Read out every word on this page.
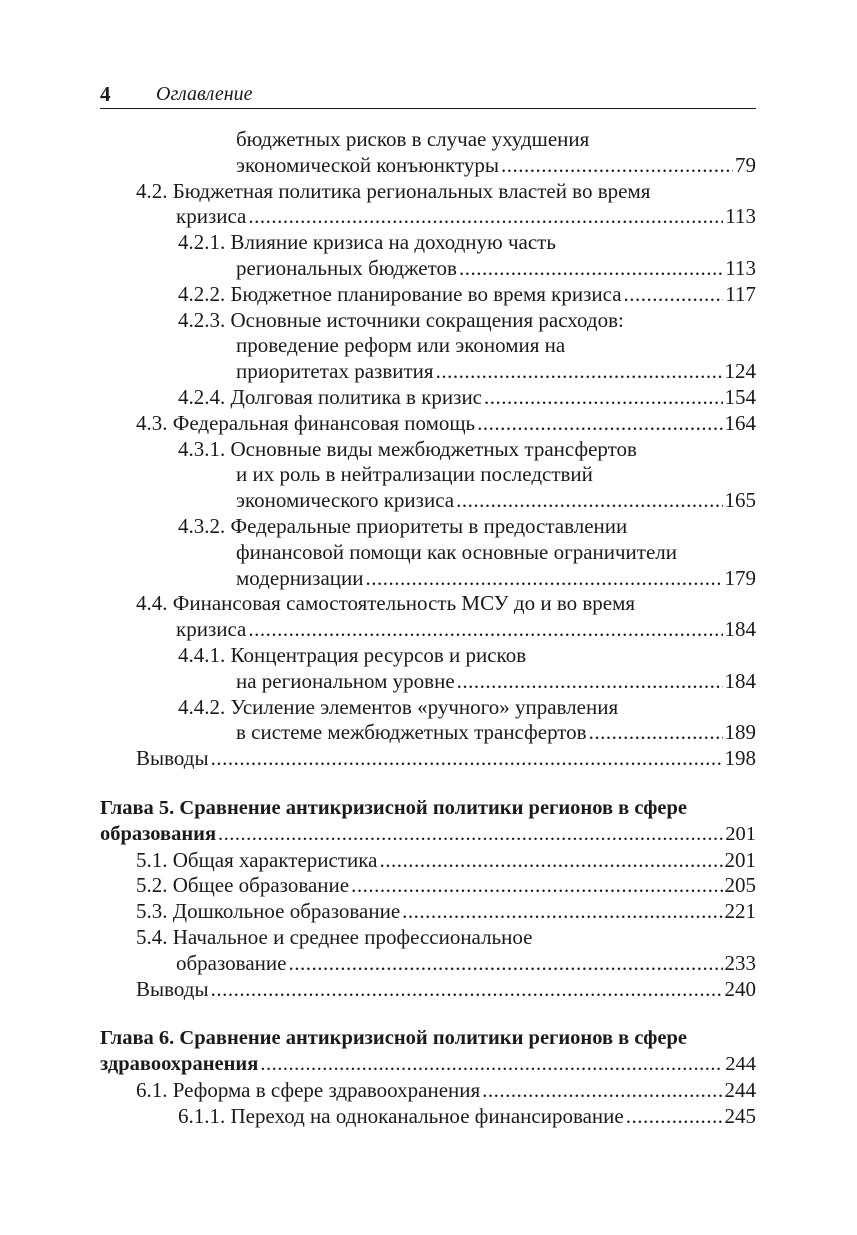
4 Оглавление
бюджетных рисков в случае ухудшения
экономической конъюнктуры .....	79
4.2. Бюджетная политика региональных властей во время
кризиса .....	113
4.2.1. Влияние кризиса на доходную часть
региональных бюджетов .....	113
4.2.2. Бюджетное планирование во время кризиса .....	117
4.2.3. Основные источники сокращения расходов:
проведение реформ или экономия на
приоритетах развития .....	124
4.2.4. Долговая политика в кризис .....	154
4.3. Федеральная финансовая помощь .....	164
4.3.1. Основные виды межбюджетных трансфертов
и их роль в нейтрализации последствий
экономического кризиса .....	165
4.3.2. Федеральные приоритеты в предоставлении
финансовой помощи как основные ограничители
модернизации .....	179
4.4. Финансовая самостоятельность МСУ до и во время
кризиса .....	184
4.4.1. Концентрация ресурсов и рисков
на региональном уровне .....	184
4.4.2. Усиление элементов «ручного» управления
в системе межбюджетных трансфертов .....	189
Выводы .....	198
Глава 5. Сравнение антикризисной политики регионов в сфере
образования .....	201
5.1. Общая характеристика .....	201
5.2. Общее образование .....	205
5.3. Дошкольное образование .....	221
5.4. Начальное и среднее профессиональное
образование .....	233
Выводы .....	240
Глава 6. Сравнение антикризисной политики регионов в сфере
здравоохранения .....	244
6.1. Реформа в сфере здравоохранения .....	244
6.1.1. Переход на одноканальное финансирование .....	245
